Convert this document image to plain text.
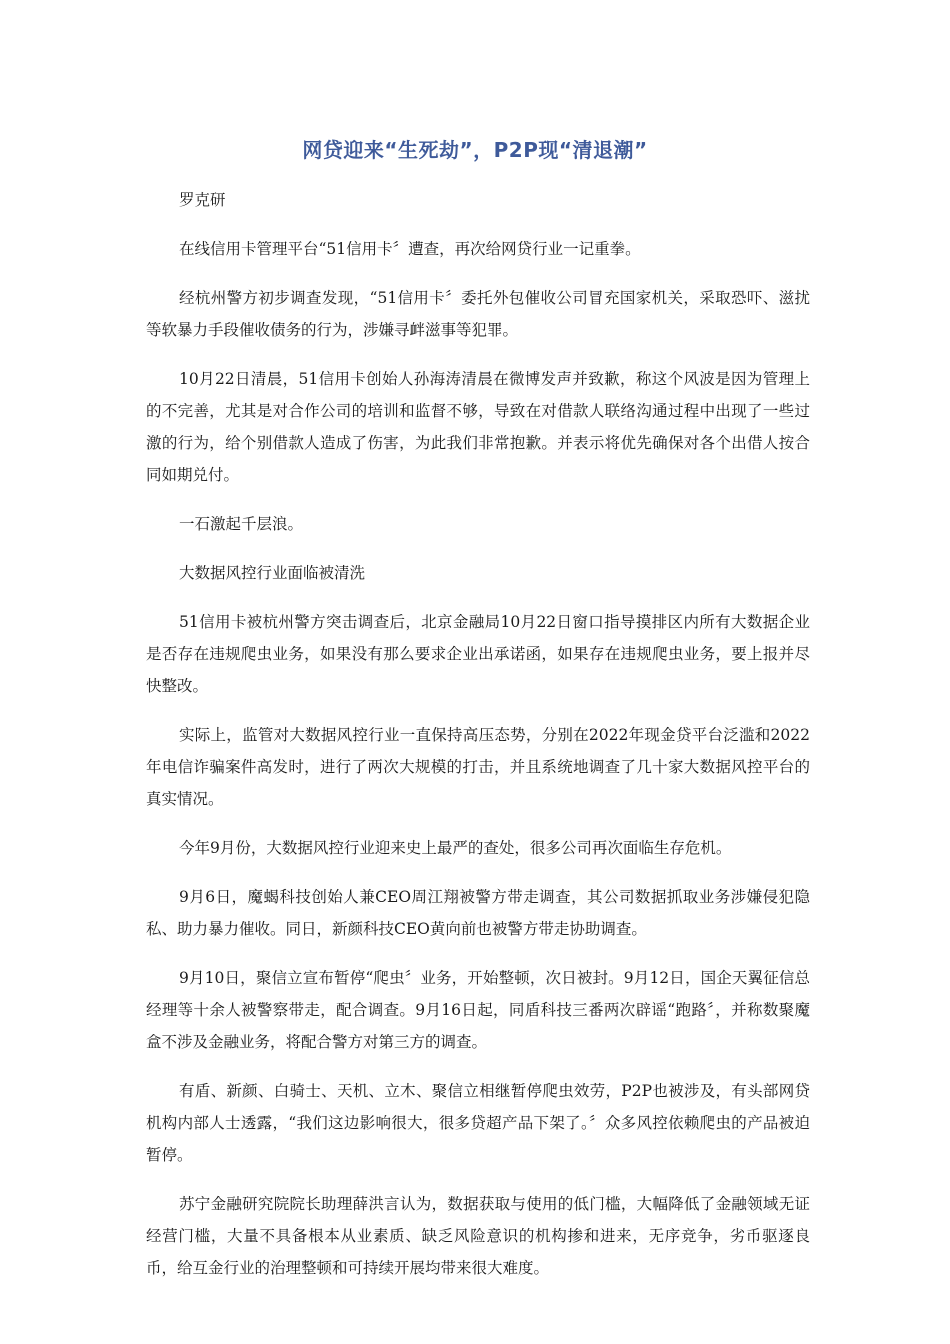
网贷迎来“生死劫”，P2P现“清退潮”

罗克研

在线信用卡管理平台“51信用卡〞遭查，再次给网贷行业一记重拳。

经杭州警方初步调查发现，“51信用卡〞委托外包催收公司冒充国家机关，采取恐吓、滋扰等软暴力手段催收债务的行为，涉嫌寻衅滋事等犯罪。

10月22日清晨，51信用卡创始人孙海涛清晨在微博发声并致歉，称这个风波是因为管理上的不完善，尤其是对合作公司的培训和监督不够，导致在对借款人联络沟通过程中出现了一些过激的行为，给个别借款人造成了伤害，为此我们非常抱歉。并表示将优先确保对各个出借人按合同如期兑付。

一石激起千层浪。

大数据风控行业面临被清洗

51信用卡被杭州警方突击调查后，北京金融局10月22日窗口指导摸排区内所有大数据企业是否存在违规爬虫业务，如果没有那么要求企业出承诺函，如果存在违规爬虫业务，要上报并尽快整改。

实际上，监管对大数据风控行业一直保持高压态势，分别在2022年现金贷平台泛滥和2022年电信诈骗案件高发时，进行了两次大规模的打击，并且系统地调查了几十家大数据风控平台的真实情况。

今年9月份，大数据风控行业迎来史上最严的查处，很多公司再次面临生存危机。

9月6日，魔蝎科技创始人兼CEO周江翔被警方带走调查，其公司数据抓取业务涉嫌侵犯隐私、助力暴力催收。同日，新颜科技CEO黄向前也被警方带走协助调查。

9月10日，聚信立宣布暂停“爬虫〞业务，开始整顿，次日被封。9月12日，国企天翼征信总经理等十余人被警察带走，配合调查。9月16日起，同盾科技三番两次辟谣“跑路〞，并称数聚魔盒不涉及金融业务，将配合警方对第三方的调查。

有盾、新颜、白骑士、天机、立木、聚信立相继暂停爬虫效劳，P2P也被涉及，有头部网贷机构内部人士透露，“我们这边影响很大，很多贷超产品下架了。〞众多风控依赖爬虫的产品被迫暂停。

苏宁金融研究院院长助理薛洪言认为，数据获取与使用的低门槛，大幅降低了金融领域无证经营门槛，大量不具备根本从业素质、缺乏风险意识的机构掺和进来，无序竞争，劣币驱逐良币，给互金行业的治理整顿和可持续开展均带来很大难度。
